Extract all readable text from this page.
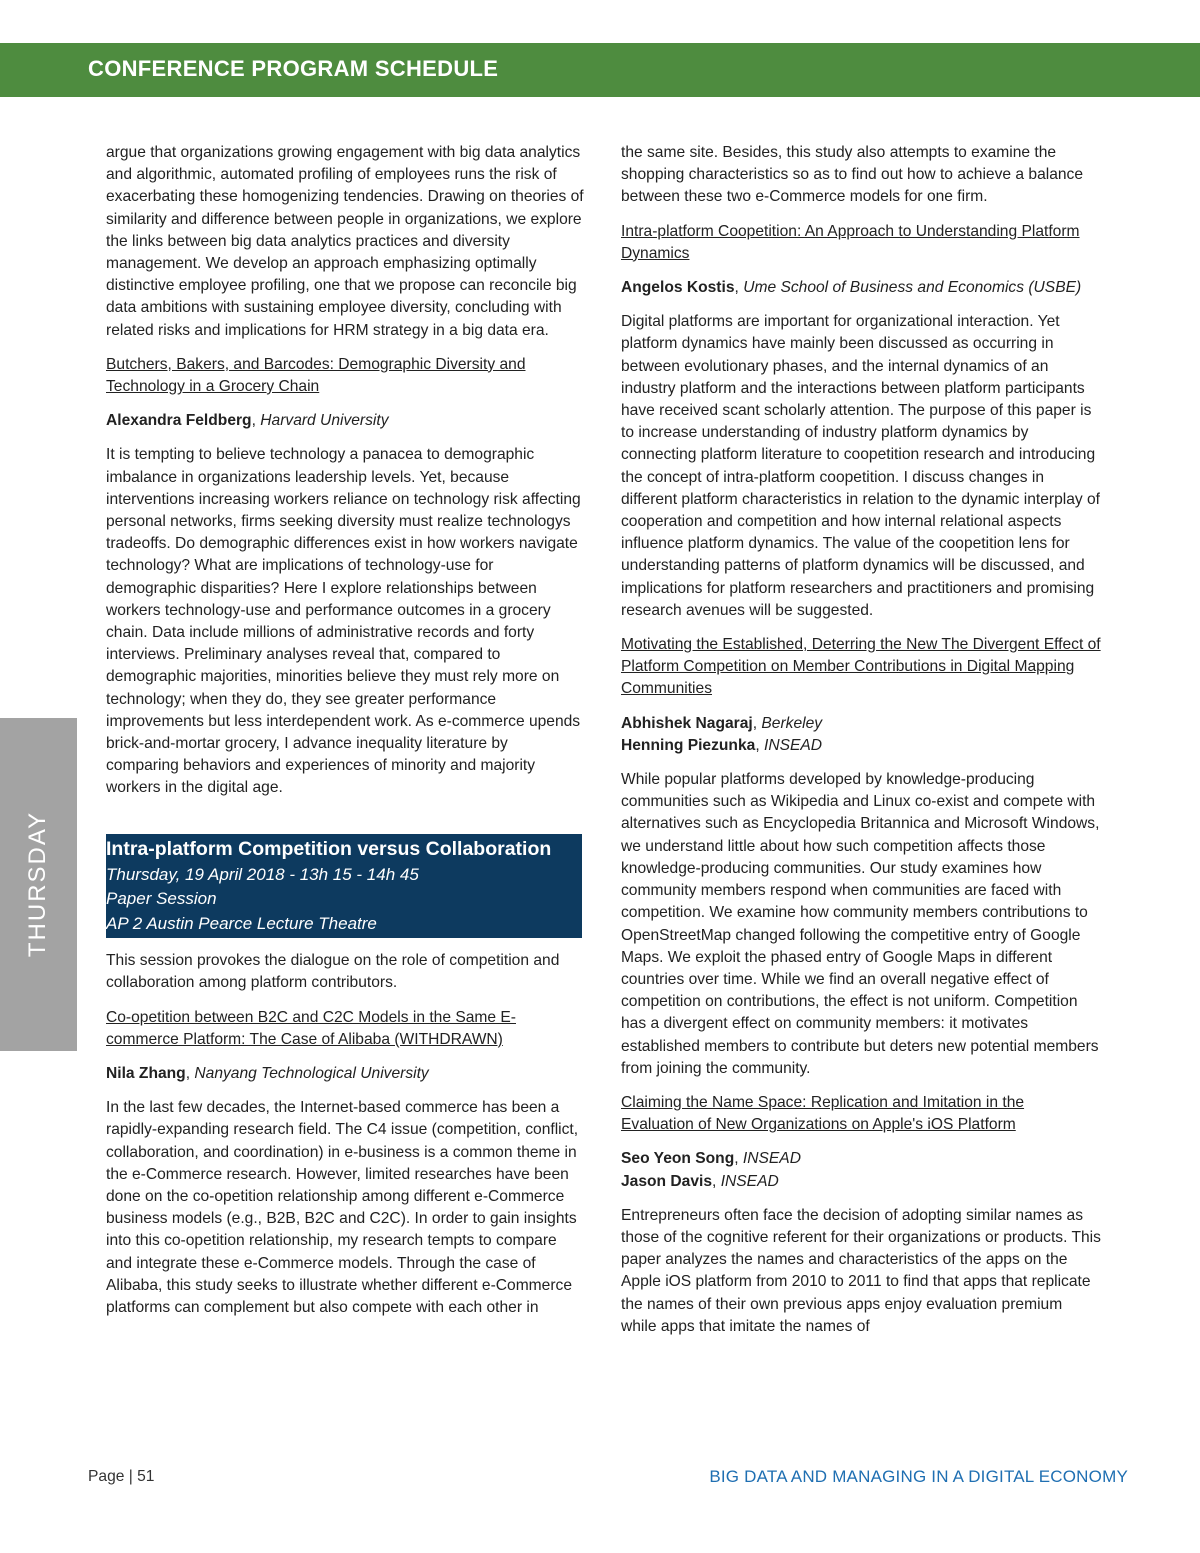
CONFERENCE PROGRAM SCHEDULE
THURSDAY

argue that organizations growing engagement with big data analytics and algorithmic, automated profiling of employees runs the risk of exacerbating these homogenizing tendencies. Drawing on theories of similarity and difference between people in organizations, we explore the links between big data analytics practices and diversity management. We develop an approach emphasizing optimally distinctive employee profiling, one that we propose can reconcile big data ambitions with sustaining employee diversity, concluding with related risks and implications for HRM strategy in a big data era.

Butchers, Bakers, and Barcodes: Demographic Diversity and Technology in a Grocery Chain

Alexandra Feldberg, Harvard University

It is tempting to believe technology a panacea to demographic imbalance in organizations leadership levels. Yet, because interventions increasing workers reliance on technology risk affecting personal networks, firms seeking diversity must realize technologys tradeoffs. Do demographic differences exist in how workers navigate technology? What are implications of technology-use for demographic disparities? Here I explore relationships between workers technology-use and performance outcomes in a grocery chain. Data include millions of administrative records and forty interviews. Preliminary analyses reveal that, compared to demographic majorities, minorities believe they must rely more on technology; when they do, they see greater performance improvements but less interdependent work. As e-commerce upends brick-and-mortar grocery, I advance inequality literature by comparing behaviors and experiences of minority and majority workers in the digital age.

Intra-platform Competition versus Collaboration
Thursday, 19 April 2018 - 13h 15 - 14h 45
Paper Session
AP 2 Austin Pearce Lecture Theatre

This session provokes the dialogue on the role of competition and collaboration among platform contributors.

Co-opetition between B2C and C2C Models in the Same E-commerce Platform: The Case of Alibaba (WITHDRAWN)

Nila Zhang, Nanyang Technological University

In the last few decades, the Internet-based commerce has been a rapidly-expanding research field. The C4 issue (competition, conflict, collaboration, and coordination) in e-business is a common theme in the e-Commerce research. However, limited researches have been done on the co-opetition relationship among different e-Commerce business models (e.g., B2B, B2C and C2C). In order to gain insights into this co-opetition relationship, my research tempts to compare and integrate these e-Commerce models. Through the case of Alibaba, this study seeks to illustrate whether different e-Commerce platforms can complement but also compete with each other in

the same site. Besides, this study also attempts to examine the shopping characteristics so as to find out how to achieve a balance between these two e-Commerce models for one firm.

Intra-platform Coopetition: An Approach to Understanding Platform Dynamics

Angelos Kostis, Ume School of Business and Economics (USBE)

Digital platforms are important for organizational interaction. Yet platform dynamics have mainly been discussed as occurring in between evolutionary phases, and the internal dynamics of an industry platform and the interactions between platform participants have received scant scholarly attention. The purpose of this paper is to increase understanding of industry platform dynamics by connecting platform literature to coopetition research and introducing the concept of intra-platform coopetition. I discuss changes in different platform characteristics in relation to the dynamic interplay of cooperation and competition and how internal relational aspects influence platform dynamics. The value of the coopetition lens for understanding patterns of platform dynamics will be discussed, and implications for platform researchers and practitioners and promising research avenues will be suggested.

Motivating the Established, Deterring the New The Divergent Effect of Platform Competition on Member Contributions in Digital Mapping Communities

Abhishek Nagaraj, Berkeley
Henning Piezunka, INSEAD

While popular platforms developed by knowledge-producing communities such as Wikipedia and Linux co-exist and compete with alternatives such as Encyclopedia Britannica and Microsoft Windows, we understand little about how such competition affects those knowledge-producing communities. Our study examines how community members respond when communities are faced with competition. We examine how community members contributions to OpenStreetMap changed following the competitive entry of Google Maps. We exploit the phased entry of Google Maps in different countries over time. While we find an overall negative effect of competition on contributions, the effect is not uniform. Competition has a divergent effect on community members: it motivates established members to contribute but deters new potential members from joining the community.

Claiming the Name Space: Replication and Imitation in the Evaluation of New Organizations on Apple's iOS Platform

Seo Yeon Song, INSEAD
Jason Davis, INSEAD

Entrepreneurs often face the decision of adopting similar names as those of the cognitive referent for their organizations or products. This paper analyzes the names and characteristics of the apps on the Apple iOS platform from 2010 to 2011 to find that apps that replicate the names of their own previous apps enjoy evaluation premium while apps that imitate the names of

Page | 51	BIG DATA AND MANAGING IN A DIGITAL ECONOMY
